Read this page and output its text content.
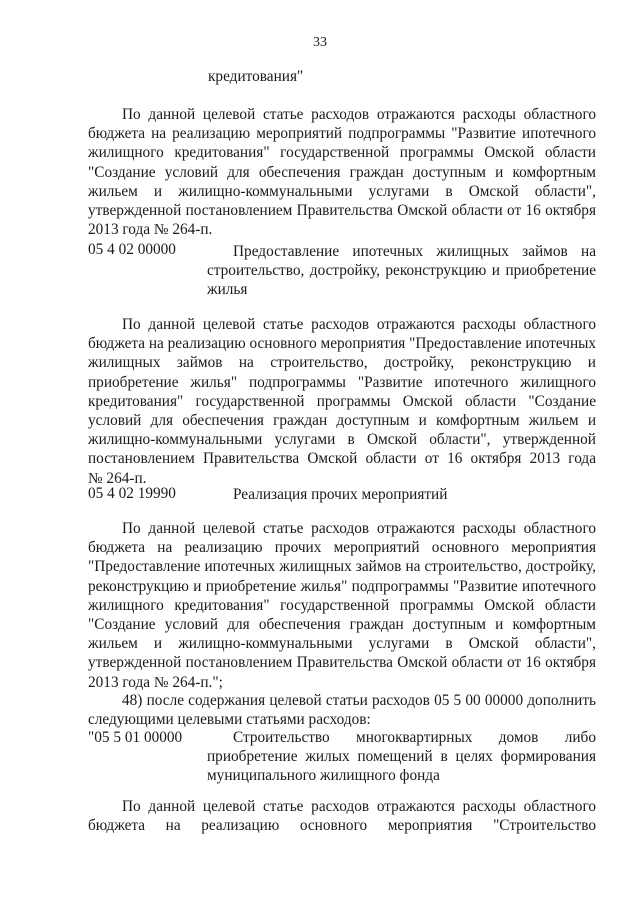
33
кредитования"
По данной целевой статье расходов отражаются расходы областного
бюджета на реализацию мероприятий подпрограммы "Развитие ипотечного
жилищного кредитования" государственной программы Омской области
"Создание условий для обеспечения граждан доступным и комфортным
жильем и жилищно-коммунальными услугами в Омской области",
утвержденной постановлением Правительства Омской области от 16 октября
2013 года № 264-п.
05 4 02 00000	Предоставление ипотечных жилищных займов на
строительство, достройку, реконструкцию и приобретение
жилья
По данной целевой статье расходов отражаются расходы областного
бюджета на реализацию основного мероприятия "Предоставление ипотечных
жилищных займов на строительство, достройку, реконструкцию и
приобретение жилья" подпрограммы "Развитие ипотечного жилищного
кредитования" государственной программы Омской области "Создание
условий для обеспечения граждан доступным и комфортным жильем и
жилищно-коммунальными услугами в Омской области", утвержденной
постановлением Правительства Омской области от 16 октября 2013 года
№ 264-п.
05 4 02 19990	Реализация прочих мероприятий
По данной целевой статье расходов отражаются расходы областного
бюджета на реализацию прочих мероприятий основного мероприятия
"Предоставление ипотечных жилищных займов на строительство, достройку,
реконструкцию и приобретение жилья" подпрограммы "Развитие ипотечного
жилищного кредитования" государственной программы Омской области
"Создание условий для обеспечения граждан доступным и комфортным
жильем и жилищно-коммунальными услугами в Омской области",
утвержденной постановлением Правительства Омской области от 16 октября
2013 года № 264-п.";
48) после содержания целевой статьи расходов 05 5 00 00000 дополнить
следующими целевыми статьями расходов:
"05 5 01 00000	Строительство многоквартирных домов либо
приобретение жилых помещений в целях формирования
муниципального жилищного фонда
По данной целевой статье расходов отражаются расходы областного
бюджета на реализацию основного мероприятия "Строительство
